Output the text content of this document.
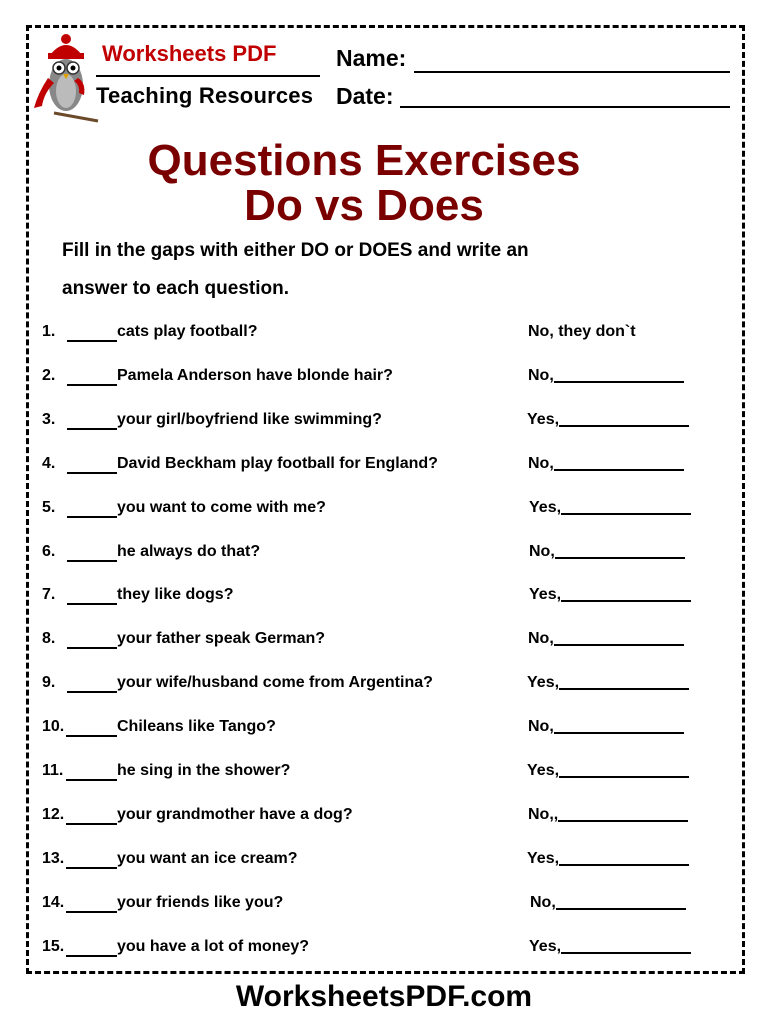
Worksheets PDF
Teaching Resources
Name:
Date:
Questions Exercises
Do vs Does
Fill in the gaps with either DO or DOES and write an
answer to each question.
1.	cats play football?	No, they don`t
2.	Pamela Anderson have blonde hair?	No,
3.	your girl/boyfriend like swimming?	Yes,
4.	David Beckham play football for England?	No,
5.	you want to come with me?	Yes,
6.	he always do that?	No,
7.	they like dogs?	Yes,
8.	your father speak German?	No,
9.	your wife/husband come from Argentina?	Yes,
10.	Chileans like Tango?	No,
11.	he sing in the shower?	Yes,
12.	your grandmother have a dog?	No,,
13.	you want an ice cream?	Yes,
14.	your friends like you?	No,
15.	you have a lot of money?	Yes,
WorksheetsPDF.com
